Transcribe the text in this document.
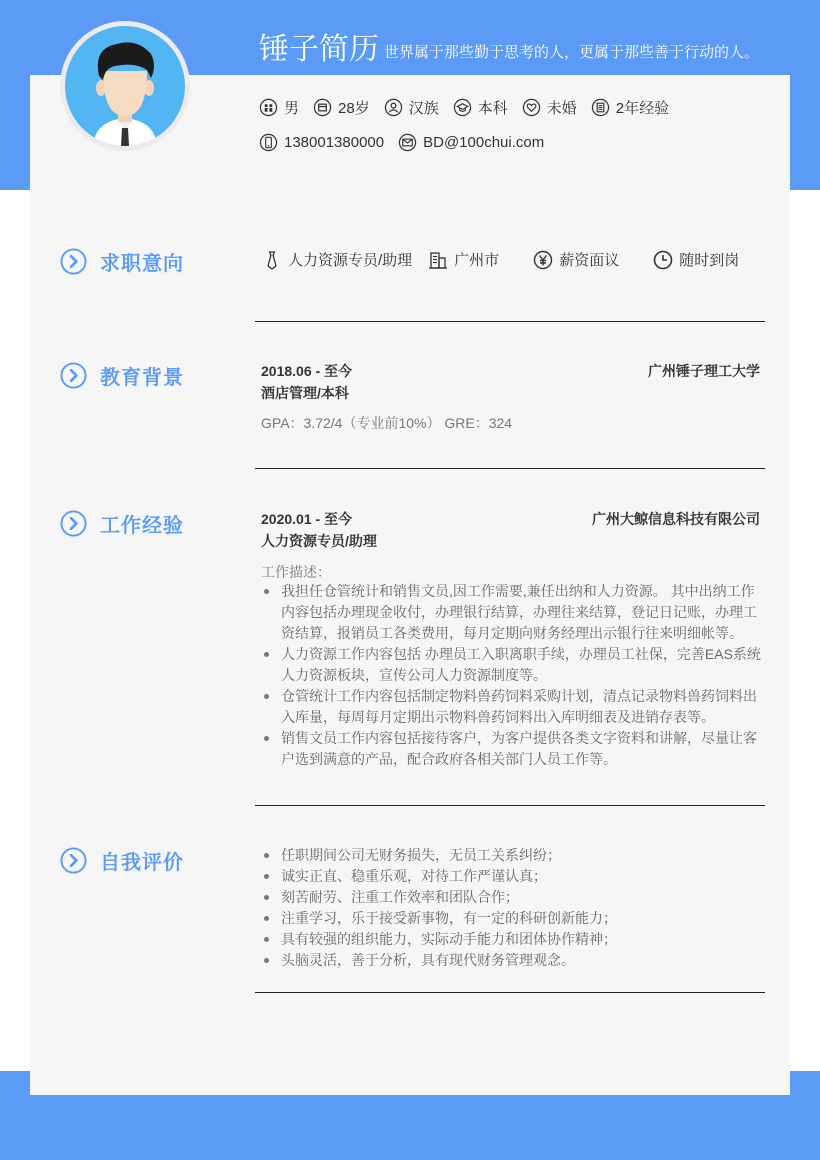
锤子简历 世界属于那些勤于思考的人，更属于那些善于行动的人。
男	28岁	汉族	本科	未婚	2年经验
138001380000	BD@100chui.com
求职意向	人力资源专员/助理	广州市	薪资面议	随时到岗
教育背景	2018.06 - 至今	广州锤子理工大学
酒店管理/本科
GPA：3.72/4（专业前10%） GRE：324
工作经验	2020.01 - 至今	广州大鲸信息科技有限公司
人力资源专员/助理
工作描述：
我担任仓管统计和销售文员,因工作需要,兼任出纳和人力资源。 其中出纳工作内容包括办理现金收付，办理银行结算，办理往来结算，登记日记账，办理工资结算，报销员工各类费用，每月定期向财务经理出示银行往来明细帐等。
人力资源工作内容包括 办理员工入职离职手续，办理员工社保，完善EAS系统人力资源板块，宣传公司人力资源制度等。
仓管统计工作内容包括制定物料兽药饲料采购计划，清点记录物料兽药饲料出入库量，每周每月定期出示物料兽药饲料出入库明细表及进销存表等。
销售文员工作内容包括接待客户，为客户提供各类文字资料和讲解，尽量让客户选到满意的产品，配合政府各相关部门人员工作等。
自我评价	任职期间公司无财务损失，无员工关系纠纷；
诚实正直、稳重乐观，对待工作严谨认真；
刻苦耐劳、注重工作效率和团队合作；
注重学习，乐于接受新事物，有一定的科研创新能力；
具有较强的组织能力，实际动手能力和团体协作精神；
头脑灵活，善于分析，具有现代财务管理观念。
